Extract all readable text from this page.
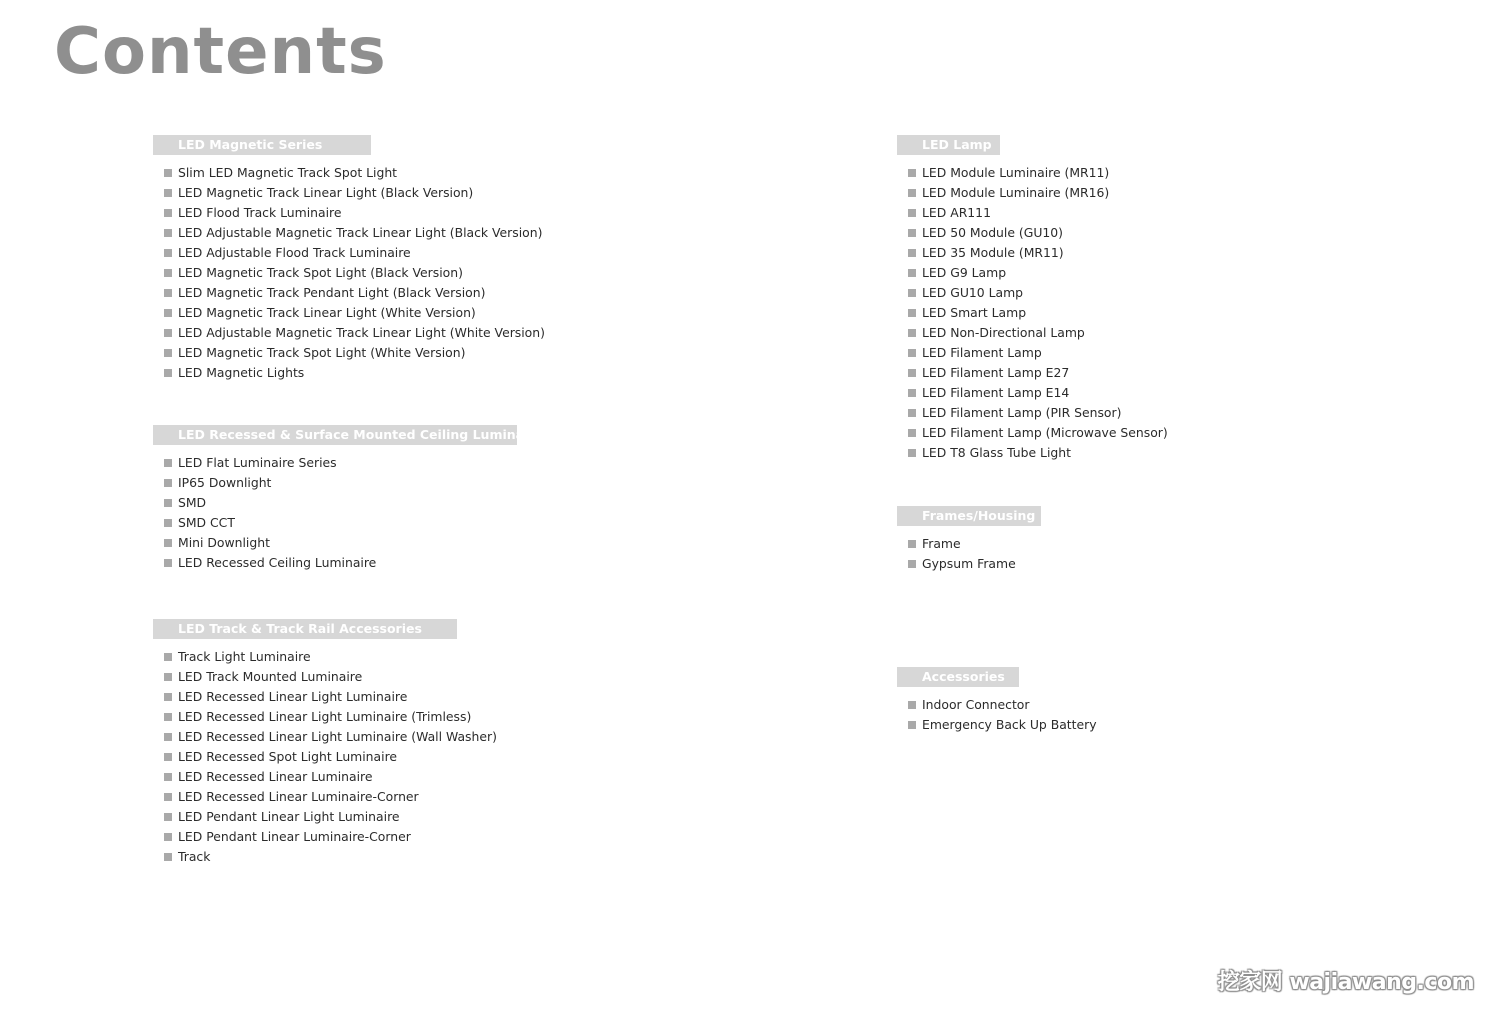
Contents
LED Magnetic Series
Slim LED Magnetic Track Spot Light
LED Magnetic Track Linear Light (Black Version)
LED Flood Track Luminaire
LED Adjustable Magnetic Track Linear Light (Black Version)
LED Adjustable Flood Track Luminaire
LED Magnetic Track Spot Light (Black Version)
LED Magnetic Track Pendant Light (Black Version)
LED Magnetic Track Linear Light (White Version)
LED Adjustable Magnetic Track Linear Light (White Version)
LED Magnetic Track Spot Light (White Version)
LED Magnetic Lights
LED Recessed & Surface Mounted Ceiling Luminaire
LED Flat Luminaire Series
IP65 Downlight
SMD
SMD CCT
Mini Downlight
LED Recessed Ceiling Luminaire
LED Track & Track Rail Accessories
Track Light Luminaire
LED Track Mounted Luminaire
LED Recessed Linear Light Luminaire
LED Recessed Linear Light Luminaire (Trimless)
LED Recessed Linear Light Luminaire (Wall Washer)
LED Recessed Spot Light Luminaire
LED Recessed Linear Luminaire
LED Recessed Linear Luminaire-Corner
LED Pendant Linear Light Luminaire
LED Pendant Linear Luminaire-Corner
Track
LED Lamp
LED Module Luminaire (MR11)
LED Module Luminaire (MR16)
LED AR111
LED 50 Module (GU10)
LED 35 Module (MR11)
LED G9 Lamp
LED GU10 Lamp
LED Smart Lamp
LED Non-Directional Lamp
LED Filament Lamp
LED Filament Lamp E27
LED Filament Lamp E14
LED Filament Lamp (PIR Sensor)
LED Filament Lamp (Microwave Sensor)
LED T8 Glass Tube Light
Frames/Housing
Frame
Gypsum Frame
Accessories
Indoor Connector
Emergency Back Up Battery
挖家网 wajiawang.com
